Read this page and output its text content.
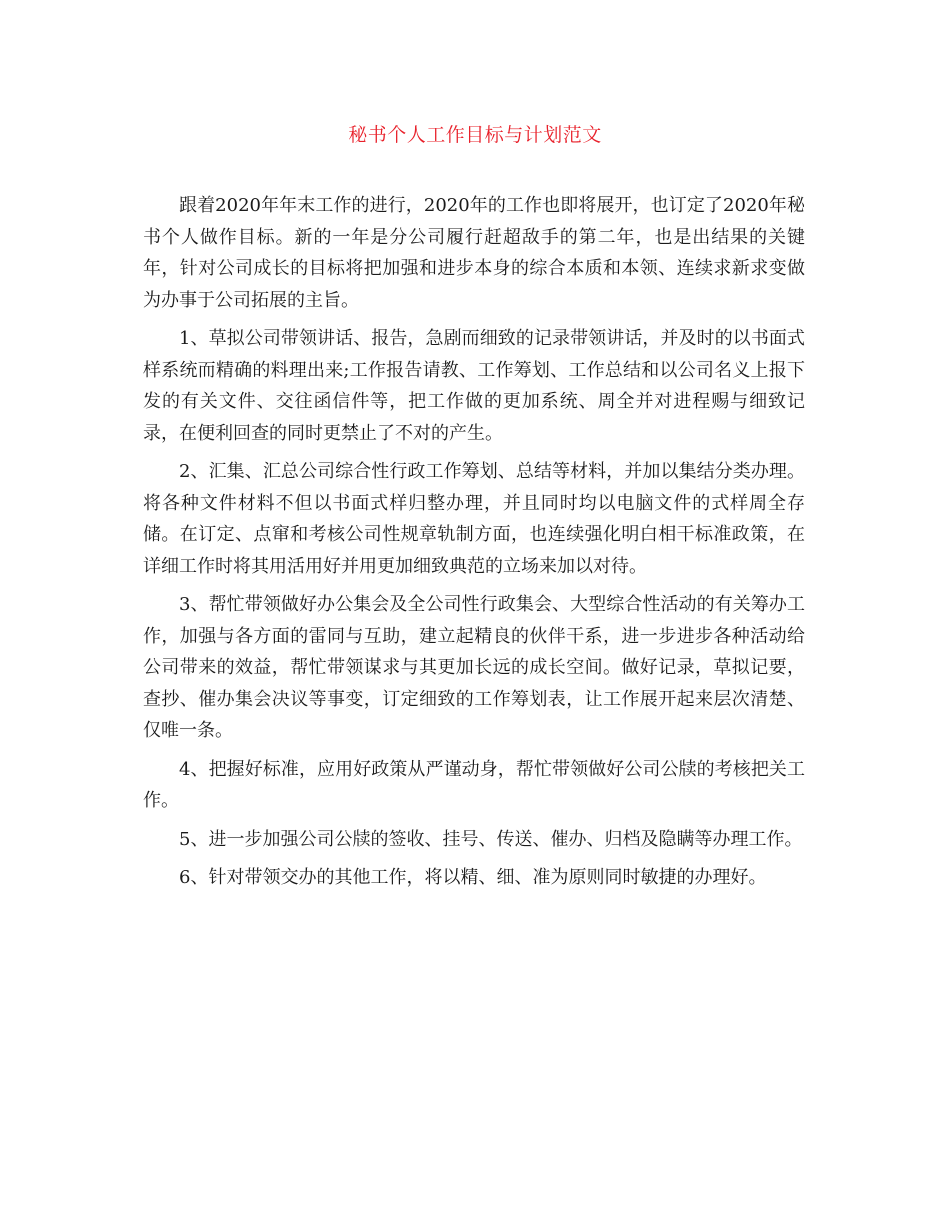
秘书个人工作目标与计划范文

跟着2020年年末工作的进行，2020年的工作也即将展开，也订定了2020年秘书个人做作目标。新的一年是分公司履行赶超敌手的第二年，也是出结果的关键年，针对公司成长的目标将把加强和进步本身的综合本质和本领、连续求新求变做为办事于公司拓展的主旨。

1、草拟公司带领讲话、报告，急剧而细致的记录带领讲话，并及时的以书面式样系统而精确的料理出来;工作报告请教、工作筹划、工作总结和以公司名义上报下发的有关文件、交往函信件等，把工作做的更加系统、周全并对进程赐与细致记录，在便利回查的同时更禁止了不对的产生。

2、汇集、汇总公司综合性行政工作筹划、总结等材料，并加以集结分类办理。将各种文件材料不但以书面式样归整办理，并且同时均以电脑文件的式样周全存储。在订定、点窜和考核公司性规章轨制方面，也连续强化明白相干标准政策，在详细工作时将其用活用好并用更加细致典范的立场来加以对待。

3、帮忙带领做好办公集会及全公司性行政集会、大型综合性活动的有关筹办工作，加强与各方面的雷同与互助，建立起精良的伙伴干系，进一步进步各种活动给公司带来的效益，帮忙带领谋求与其更加长远的成长空间。做好记录，草拟记要，查抄、催办集会决议等事变，订定细致的工作筹划表，让工作展开起来层次清楚、仅唯一条。

4、把握好标准，应用好政策从严谨动身，帮忙带领做好公司公牍的考核把关工作。

5、进一步加强公司公牍的签收、挂号、传送、催办、归档及隐瞒等办理工作。

6、针对带领交办的其他工作，将以精、细、准为原则同时敏捷的办理好。
